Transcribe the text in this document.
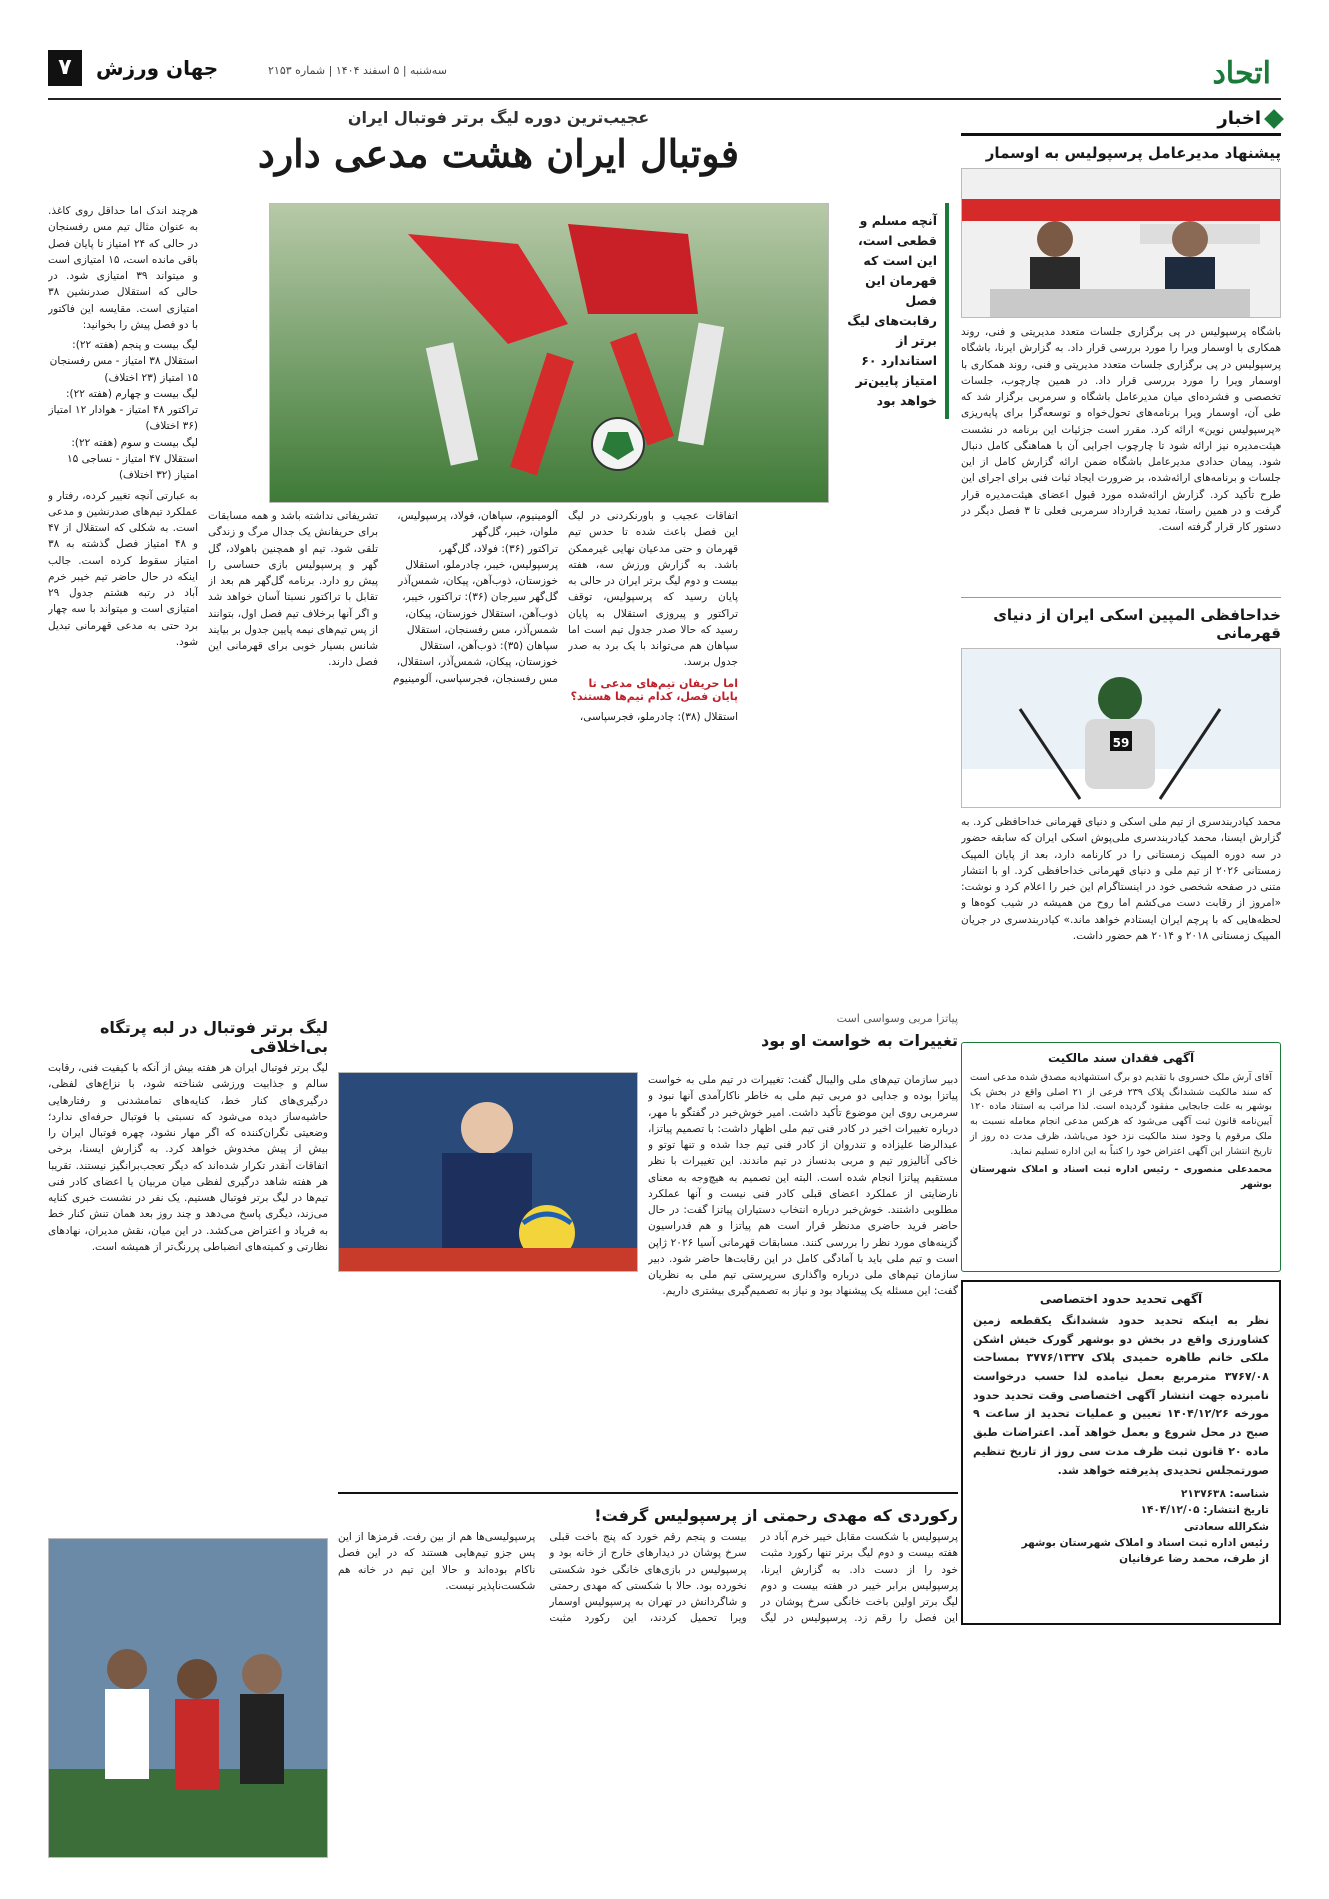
اتحاد
سه‌شنبه | ۵ اسفند ۱۴۰۴ | شماره ۲۱۵۳
جهان ورزش
۷
اخبار
پیشنهاد مدیرعامل پرسپولیس به اوسمار

باشگاه پرسپولیس در پی برگزاری جلسات متعدد مدیریتی و فنی، روند همکاری با اوسمار ویرا را مورد بررسی قرار داد. به گزارش ایرنا، باشگاه پرسپولیس در پی برگزاری جلسات متعدد مدیریتی و فنی، روند همکاری با اوسمار ویرا را مورد بررسی قرار داد. در همین چارچوب، جلسات تخصصی و فشرده‌ای میان مدیرعامل باشگاه و سرمربی برگزار شد که طی آن، اوسمار ویرا برنامه‌های تحول‌خواه و توسعه‌گرا برای پایه‌ریزی «پرسپولیس نوین» ارائه کرد. مقرر است جزئیات این برنامه در نشست هیئت‌مدیره نیز ارائه شود تا چارچوب اجرایی آن با هماهنگی کامل دنبال شود. پیمان حدادی مدیرعامل باشگاه ضمن ارائه گزارش کامل از این جلسات و برنامه‌های ارائه‌شده، بر ضرورت ایجاد ثبات فنی برای اجرای این طرح تأکید کرد. گزارش ارائه‌شده مورد قبول اعضای هیئت‌مدیره قرار گرفت و در همین راستا، تمدید قرارداد سرمربی فعلی تا ۳ فصل دیگر در دستور کار قرار گرفته است.

خداحافظی المپین اسکی ایران از دنیای قهرمانی
59

محمد کیادربندسری از تیم ملی اسکی و دنیای قهرمانی خداحافظی کرد. به گزارش ایسنا، محمد کیادربندسری ملی‌پوش اسکی ایران که سابقه حضور در سه دوره المپیک زمستانی را در کارنامه دارد، بعد از پایان المپیک زمستانی ۲۰۲۶ از تیم ملی و دنیای قهرمانی خداحافظی کرد. او با انتشار متنی در صفحه شخصی خود در اینستاگرام این خبر را اعلام کرد و نوشت: «امروز از رقابت دست می‌کشم اما روح من همیشه در شیب کوه‌ها و لحظه‌هایی که با پرچم ایران ایستادم خواهد ماند.» کیادربندسری در جریان المپیک زمستانی ۲۰۱۸ و ۲۰۱۴ هم حضور داشت.

آگهی فقدان سند مالکیت

آقای آرش ملک خسروی با تقدیم دو برگ استشهادیه مصدق شده مدعی است که سند مالکیت ششدانگ پلاک ۲۳۹ فرعی از ۲۱ اصلی واقع در بخش یک بوشهر به علت جابجایی مفقود گردیده است. لذا مراتب به استناد ماده ۱۲۰ آیین‌نامه قانون ثبت آگهی می‌شود که هرکس مدعی انجام معامله نسبت به ملک مرقوم یا وجود سند مالکیت نزد خود می‌باشد، ظرف مدت ده روز از تاریخ انتشار این آگهی اعتراض خود را کتباً به این اداره تسلیم نماید.

محمدعلی منصوری - رئیس اداره ثبت اسناد و املاک شهرستان بوشهر

آگهی تحدید حدود اختصاصی

نظر به اینکه تحدید حدود ششدانگ یکقطعه زمین کشاورزی واقع در بخش دو بوشهر گورک خیش اشکن ملکی خانم طاهره حمیدی پلاک ۳۷۷۶/۱۳۳۷ بمساحت ۳۷۶۷/۰۸ مترمربع بعمل نیامده لذا حسب درخواست نامبرده جهت انتشار آگهی اختصاصی وقت تحدید حدود مورخه ۱۴۰۴/۱۲/۲۶ تعیین و عملیات تحدید از ساعت ۹ صبح در محل شروع و بعمل خواهد آمد. اعتراضات طبق ماده ۲۰ قانون ثبت ظرف مدت سی روز از تاریخ تنظیم صورتمجلس تحدیدی پذیرفته خواهد شد.

شناسه: ۲۱۳۷۶۳۸

تاریخ انتشار: ۱۴۰۴/۱۲/۰۵

شکرالله سعادتی

رئیس اداره ثبت اسناد و املاک شهرستان بوشهر

از طرف، محمد رضا عرفانیان

عجیب‌ترین دوره لیگ برتر فوتبال ایران
فوتبال ایران هشت مدعی دارد
آنچه مسلم و قطعی است، این است که قهرمان این فصل رقابت‌های لیگ برتر از استاندارد ۶۰ امتیاز پایین‌تر خواهد بود

هرچند اندک اما حداقل روی کاغذ. به عنوان مثال تیم مس رفسنجان در حالی که ۲۴ امتیاز تا پایان فصل باقی مانده است، ۱۵ امتیازی است و میتواند ۳۹ امتیازی شود. در حالی که استقلال صدرنشین ۳۸ امتیازی است. مقایسه این فاکتور با دو فصل پیش را بخوانید:

لیگ بیست و پنجم (هفته ۲۲): استقلال ۳۸ امتیاز - مس رفسنجان ۱۵ امتیاز (۲۳ اختلاف)
لیگ بیست و چهارم (هفته ۲۲): تراکتور ۴۸ امتیاز - هوادار ۱۲ امتیاز (۳۶ اختلاف)
لیگ بیست و سوم (هفته ۲۲): استقلال ۴۷ امتیاز - نساجی ۱۵ امتیاز (۳۲ اختلاف)

به عبارتی آنچه تغییر کرده، رفتار و عملکرد تیم‌های صدرنشین و مدعی است. به شکلی که استقلال از ۴۷ و ۴۸ امتیاز فصل گذشته به ۳۸ امتیاز سقوط کرده است. جالب اینکه در حال حاضر تیم خیبر خرم آباد در رتبه هشتم جدول ۲۹ امتیازی است و میتواند با سه چهار برد حتی به مدعی قهرمانی تبدیل شود.

تشریفاتی نداشته باشد و همه مسابقات برای حریفانش یک جدال مرگ و زندگی تلقی شود. تیم او همچنین باهولاد، گل گهر و پرسپولیس بازی حساسی را پیش رو دارد. برنامه گل‌گهر هم بعد از تقابل با تراکتور نسبتا آسان خواهد شد و اگر آنها برخلاف تیم فصل اول، بتوانند از پس تیم‌های نیمه پایین جدول بر بیایند شانس بسیار خوبی برای قهرمانی این فصل دارند.

آلومینیوم، سپاهان، فولاد، پرسپولیس، ملوان، خیبر، گل‌گهر
تراکتور (۳۶): فولاد، گل‌گهر، پرسپولیس، خیبر، چادرملو، استقلال خوزستان، ذوب‌آهن، پیکان، شمس‌آذر
گل‌گهر سیرجان (۳۶): تراکتور، خیبر، ذوب‌آهن، استقلال خوزستان، پیکان، شمس‌آذر، مس رفسنجان، استقلال
سپاهان (۳۵): ذوب‌آهن، استقلال خوزستان، پیکان، شمس‌آذر، استقلال، مس رفسنجان، فجرسپاسی، آلومینیوم

اتفاقات عجیب و باورنکردنی در لیگ این فصل باعث شده تا حدس تیم قهرمان و حتی مدعیان نهایی غیرممکن باشد. به گزارش ورزش سه، هفته بیست و دوم لیگ برتر ایران در حالی به پایان رسید که پرسپولیس، توقف تراکتور و پیروزی استقلال به پایان رسید که حالا صدر جدول تیم است اما سپاهان هم می‌تواند با یک برد به صدر جدول برسد.

اما حریفان تیم‌های مدعی تا پایان فصل، کدام تیم‌ها هستند؟

استقلال (۳۸): چادرملو، فجرسپاسی،

لیگ برتر فوتبال در لبه پرتگاه بی‌اخلاقی

لیگ برتر فوتبال ایران هر هفته بیش از آنکه با کیفیت فنی، رقابت سالم و جذابیت ورزشی شناخته شود، با نزاع‌های لفظی، درگیری‌های کنار خط، کنایه‌های تمامشدنی و رفتارهایی حاشیه‌ساز دیده می‌شود که نسبتی با فوتبال حرفه‌ای ندارد؛ وضعیتی نگران‌کننده که اگر مهار نشود، چهره فوتبال ایران را بیش از پیش مخدوش خواهد کرد. به گزارش ایسنا، برخی اتفاقات آنقدر تکرار شده‌اند که دیگر تعجب‌برانگیز نیستند. تقریبا هر هفته شاهد درگیری لفظی میان مربیان یا اعضای کادر فنی تیم‌ها در لیگ برتر فوتبال هستیم. یک نفر در نشست خبری کنایه می‌زند، دیگری پاسخ می‌دهد و چند روز بعد همان تنش کنار خط به فریاد و اعتراض می‌کشد. در این میان، نقش مدیران، نهادهای نظارتی و کمیته‌های انضباطی پررنگ‌تر از همیشه است.

پیاتزا مربی وسواسی است
تغییرات به خواست او بود

دبیر سازمان تیم‌های ملی والیبال گفت: تغییرات در تیم ملی به خواست پیاتزا بوده و جدایی دو مربی تیم ملی به خاطر ناکارآمدی آنها نبود و سرمربی روی این موضوع تأکید داشت. امیر خوش‌خبر در گفتگو با مهر، درباره تغییرات اخیر در کادر فنی تیم ملی اظهار داشت: با تصمیم پیاتزا، عبدالرضا علیزاده و تندروان از کادر فنی تیم جدا شده و تنها توتو و خاکی آنالیزور تیم و مربی بدنساز در تیم ماندند. این تغییرات با نظر مستقیم پیاتزا انجام شده است. البته این تصمیم به هیچ‌وجه به معنای نارضایتی از عملکرد اعضای قبلی کادر فنی نیست و آنها عملکرد مطلوبی داشتند. خوش‌خبر درباره انتخاب دستیاران پیاتزا گفت: در حال حاضر فرید حاضری مدنظر قرار است هم پیاتزا و هم فدراسیون گزینه‌های مورد نظر را بررسی کنند. مسابقات قهرمانی آسیا ۲۰۲۶ ژاپن است و تیم ملی باید با آمادگی کامل در این رقابت‌ها حاضر شود. دبیر سازمان تیم‌های ملی درباره واگذاری سرپرستی تیم ملی به نظریان گفت: این مسئله یک پیشنهاد بود و نیاز به تصمیم‌گیری بیشتری داریم.

رکوردی که مهدی رحمتی از پرسپولیس گرفت!

پرسپولیس با شکست مقابل خیبر خرم آباد در هفته بیست و دوم لیگ برتر تنها رکورد مثبت خود را از دست داد. به گزارش ایرنا، پرسپولیس برابر خیبر در هفته بیست و دوم لیگ برتر اولین باخت خانگی سرخ پوشان در این فصل را رقم زد. پرسپولیس در لیگ بیست و پنجم رقم خورد که پنج باخت قبلی سرخ پوشان در دیدارهای خارج از خانه بود و پرسپولیس در بازی‌های خانگی خود شکستی نخورده بود. حالا با شکستی که مهدی رحمتی و شاگردانش در تهران به پرسپولیس اوسمار ویرا تحمیل کردند، این رکورد مثبت پرسپولیسی‌ها هم از بین رفت. قرمزها از این پس جزو تیم‌هایی هستند که در این فصل ناکام بوده‌اند و حالا این تیم در خانه هم شکست‌ناپذیر نیست.
